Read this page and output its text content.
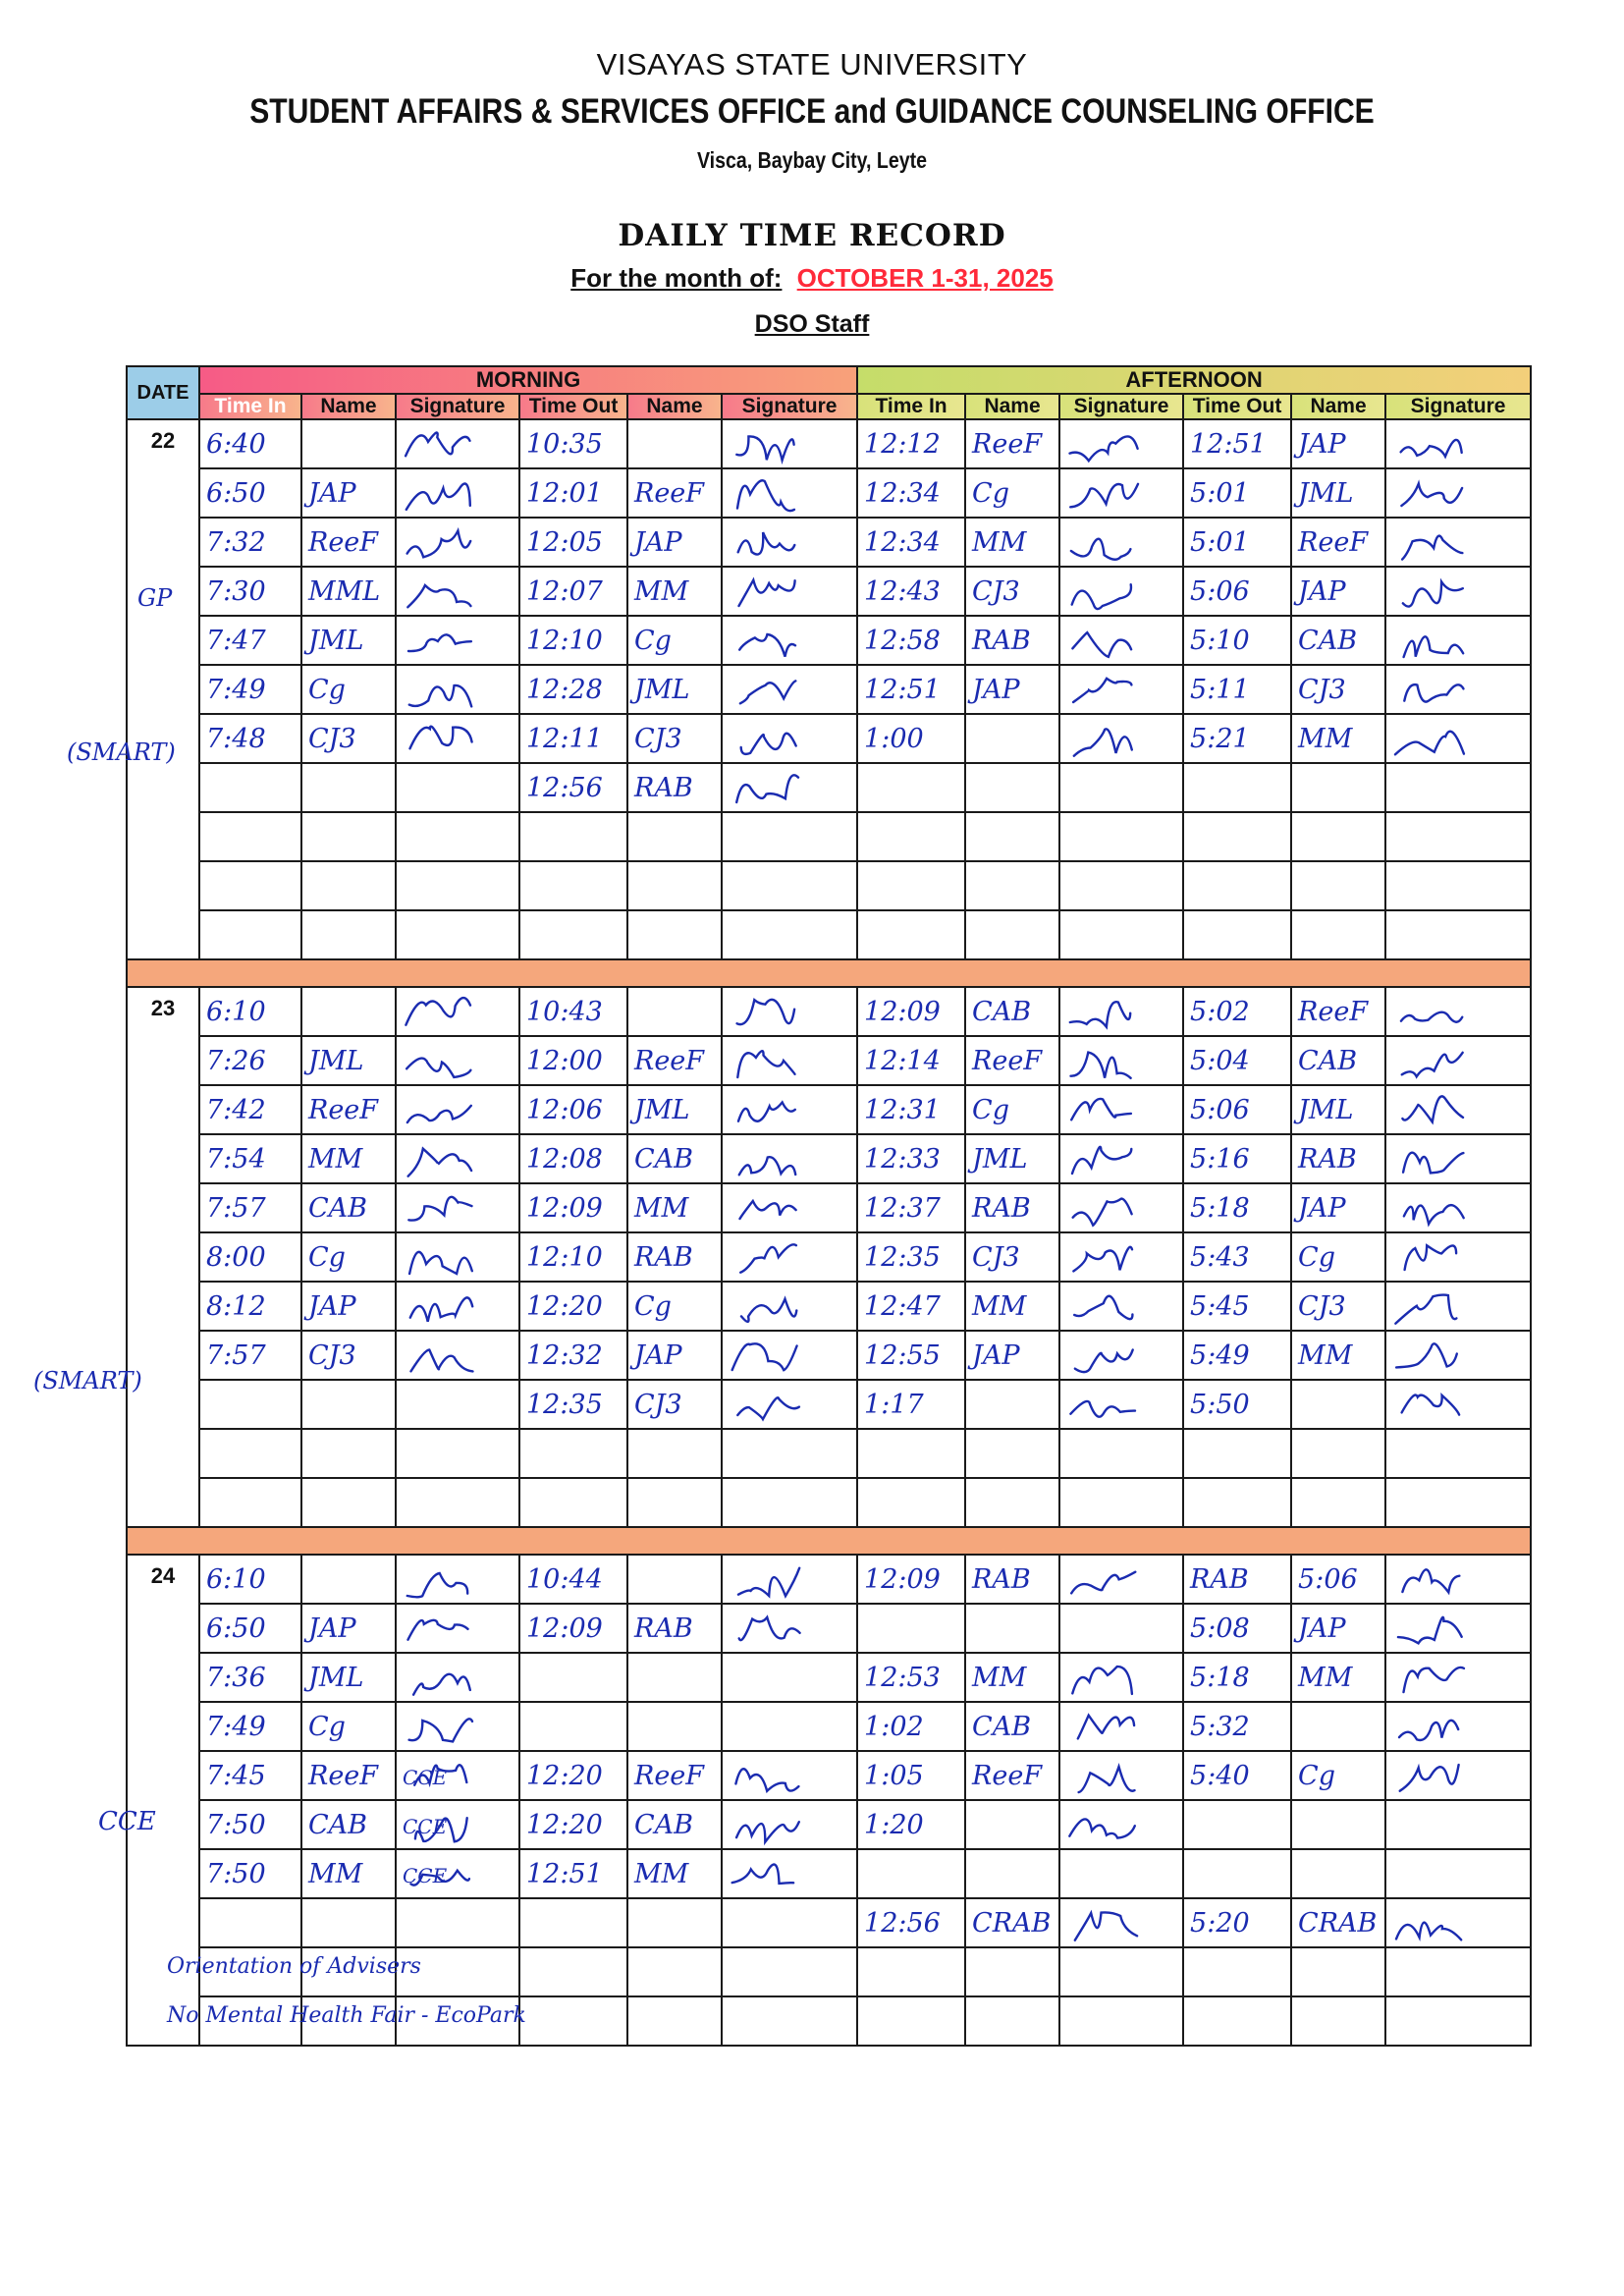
VISAYAS STATE UNIVERSITY
STUDENT AFFAIRS & SERVICES OFFICE and GUIDANCE COUNSELING OFFICE
Visca, Baybay City, Leyte
DAILY TIME RECORD
For the month of: OCTOBER 1-31, 2025
DSO Staff
DATE	MORNING						AFTERNOON					
	Time In	Name	Signature	Time Out	Name	Signature	Time In	Name	Signature	Time Out	Name	Signature
22	6:40			10:35			12:12	ReeF		12:51	JAP	

	6:50	JAP		12:01	ReeF		12:34	Cg		5:01	JML	

	7:32	ReeF		12:05	JAP		12:34	MM		5:01	ReeF	

	7:30	MML		12:07	MM		12:43	CJ3		5:06	JAP	

	7:47	JML		12:10	Cg		12:58	RAB		5:10	CAB	

	7:49	Cg		12:28	JML		12:51	JAP		5:11	CJ3	

	7:48	CJ3		12:11	CJ3		1:00			5:21	MM	

				12:56	RAB	

23	6:10			10:43			12:09	CAB		5:02	ReeF	

	7:26	JML		12:00	ReeF		12:14	ReeF		5:04	CAB	

	7:42	ReeF		12:06	JML		12:31	Cg		5:06	JML	

	7:54	MM		12:08	CAB		12:33	JML		5:16	RAB	

	7:57	CAB		12:09	MM		12:37	RAB		5:18	JAP	

	8:00	Cg		12:10	RAB		12:35	CJ3		5:43	Cg	

	8:12	JAP		12:20	Cg		12:47	MM		5:45	CJ3	

	7:57	CJ3		12:32	JAP		12:55	JAP		5:49	MM	

				12:35	CJ3		1:17			5:50		

24	6:10			10:44			12:09	RAB		RAB	5:06	

	6:50	JAP		12:09	RAB					5:08	JAP	

	7:36	JML					12:53	MM		5:18	MM	

	7:49	Cg					1:02	CAB		5:32		

	7:45	ReeF	CCE	12:20	ReeF		1:05	ReeF		5:40	Cg	

	7:50	CAB	CCE	12:20	CAB		1:20		

	7:50	MM	CCE	12:51	MM	

							12:56	CRAB		5:20	CRAB	

GP
(SMART)
(SMART)
CCE
Orientation of Advisers
No Mental Health Fair - EcoPark
